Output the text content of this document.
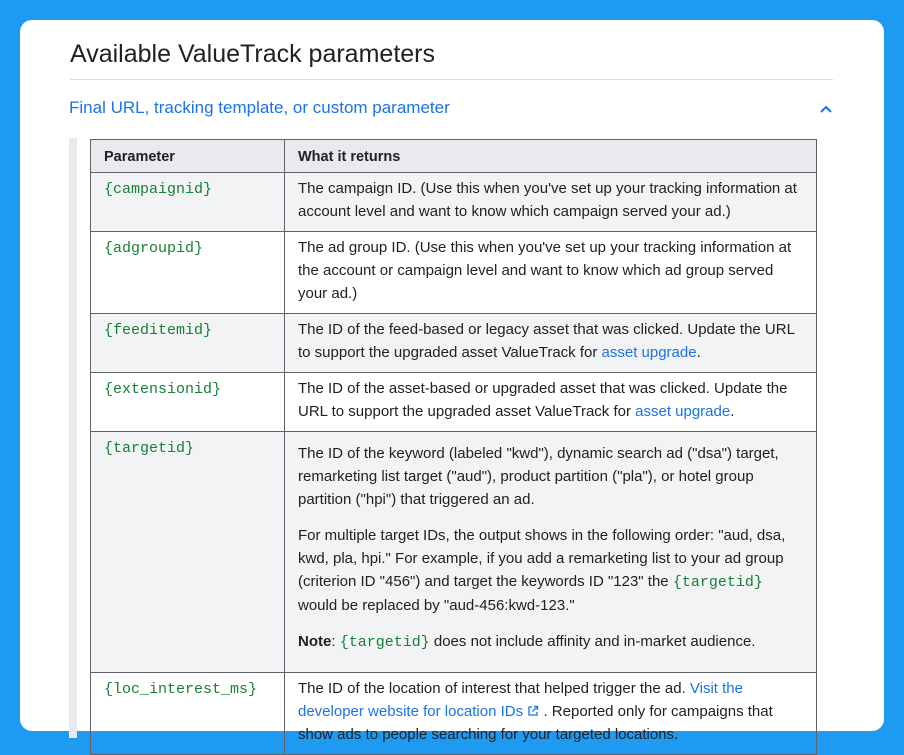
Available ValueTrack parameters
Final URL, tracking template, or custom parameter
Parameter	What it returns
{campaignid}	The campaign ID. (Use this when you've set up your tracking information at account level and want to know which campaign served your ad.)
{adgroupid}	The ad group ID. (Use this when you've set up your tracking information at the account or campaign level and want to know which ad group served your ad.)
{feeditemid}	The ID of the feed-based or legacy asset that was clicked. Update the URL to support the upgraded asset ValueTrack for asset upgrade.
{extensionid}	The ID of the asset-based or upgraded asset that was clicked. Update the URL to support the upgraded asset ValueTrack for asset upgrade.
{targetid}	The ID of the keyword (labeled "kwd"), dynamic search ad ("dsa") target, remarketing list target ("aud"), product partition ("pla"), or hotel group partition ("hpi") that triggered an ad.

For multiple target IDs, the output shows in the following order: "aud, dsa, kwd, pla, hpi." For example, if you add a remarketing list to your ad group (criterion ID "456") and target the keywords ID "123" the {targetid} would be replaced by "aud-456:kwd-123."

Note: {targetid} does not include affinity and in-market audience.

{loc_interest_ms}	The ID of the location of interest that helped trigger the ad. Visit the developer website for location IDs  . Reported only for campaigns that show ads to people searching for your targeted locations.
